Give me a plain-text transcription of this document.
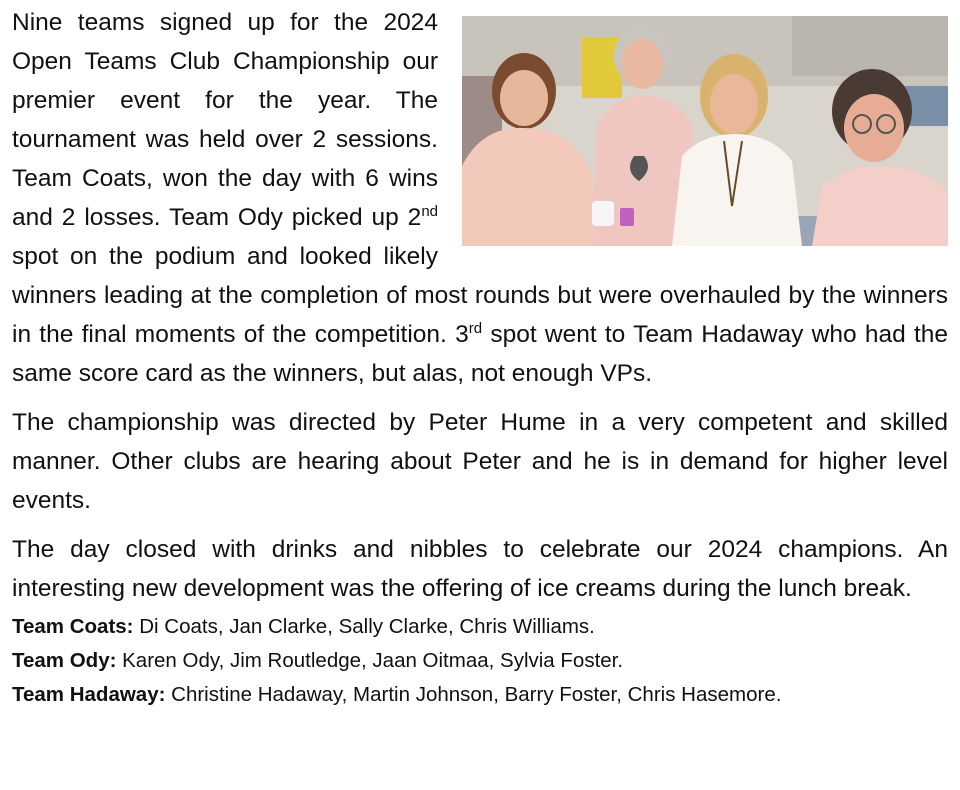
Nine teams signed up for the 2024 Open Teams Club Championship our premier event for the year. The tournament was held over 2 sessions. Team Coats, won the day with 6 wins and 2 losses. Team Ody picked up 2nd spot on the podium and looked likely winners leading at the completion of most rounds but were overhauled by the winners in the final moments of the competition. 3rd spot went to Team Hadaway who had the same score card as the winners, but alas, not enough VPs.

The championship was directed by Peter Hume in a very competent and skilled manner. Other clubs are hearing about Peter and he is in demand for higher level events.

The day closed with drinks and nibbles to celebrate our 2024 champions. An interesting new development was the offering of ice creams during the lunch break.

Team Coats: Di Coats, Jan Clarke, Sally Clarke, Chris Williams.

Team Ody: Karen Ody, Jim Routledge, Jaan Oitmaa, Sylvia Foster.

Team Hadaway: Christine Hadaway, Martin Johnson, Barry Foster, Chris Hasemore.
